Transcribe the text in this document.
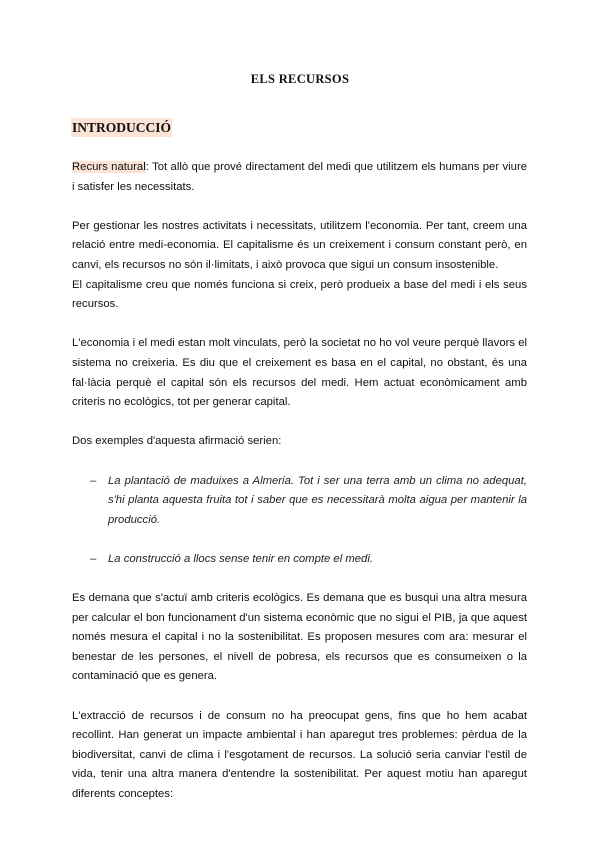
ELS RECURSOS
INTRODUCCIÓ
Recurs natural: Tot allò que prové directament del medi que utilitzem els humans per viure i satisfer les necessitats.

Per gestionar les nostres activitats i necessitats, utilitzem l'economia. Per tant, creem una relació entre medi-economia. El capitalisme és un creixement i consum constant però, en canvi, els recursos no són il·limitats, i això provoca que sigui un consum insostenible.

El capitalisme creu que només funciona si creix, però produeix a base del medi i els seus recursos.

L'economia i el medi estan molt vinculats, però la societat no ho vol veure perquè llavors el sistema no creixeria. Es diu que el creixement es basa en el capital, no obstant, és una fal·làcia perquè el capital són els recursos del medi. Hem actuat econòmicament amb criteris no ecològics, tot per generar capital.
Dos exemples d'aquesta afirmació serien:
– La plantació de maduixes a Almeria. Tot i ser una terra amb un clima no adequat, s'hi planta aquesta fruita tot i saber que es necessitarà molta aigua per mantenir la producció.
– La construcció a llocs sense tenir en compte el medi.
Es demana que s'actuï amb criteris ecològics. Es demana que es busqui una altra mesura per calcular el bon funcionament d'un sistema econòmic que no sigui el PIB, ja que aquest només mesura el capital i no la sostenibilitat. Es proposen mesures com ara: mesurar el benestar de les persones, el nivell de pobresa, els recursos que es consumeixen o la contaminació que es genera.
L'extracció de recursos i de consum no ha preocupat gens, fins que ho hem acabat recollint. Han generat un impacte ambiental i han aparegut tres problemes: pèrdua de la biodiversitat, canvi de clima i l'esgotament de recursos. La solució seria canviar l'estil de vida, tenir una altra manera d'entendre la sostenibilitat. Per aquest motiu han aparegut diferents conceptes:
